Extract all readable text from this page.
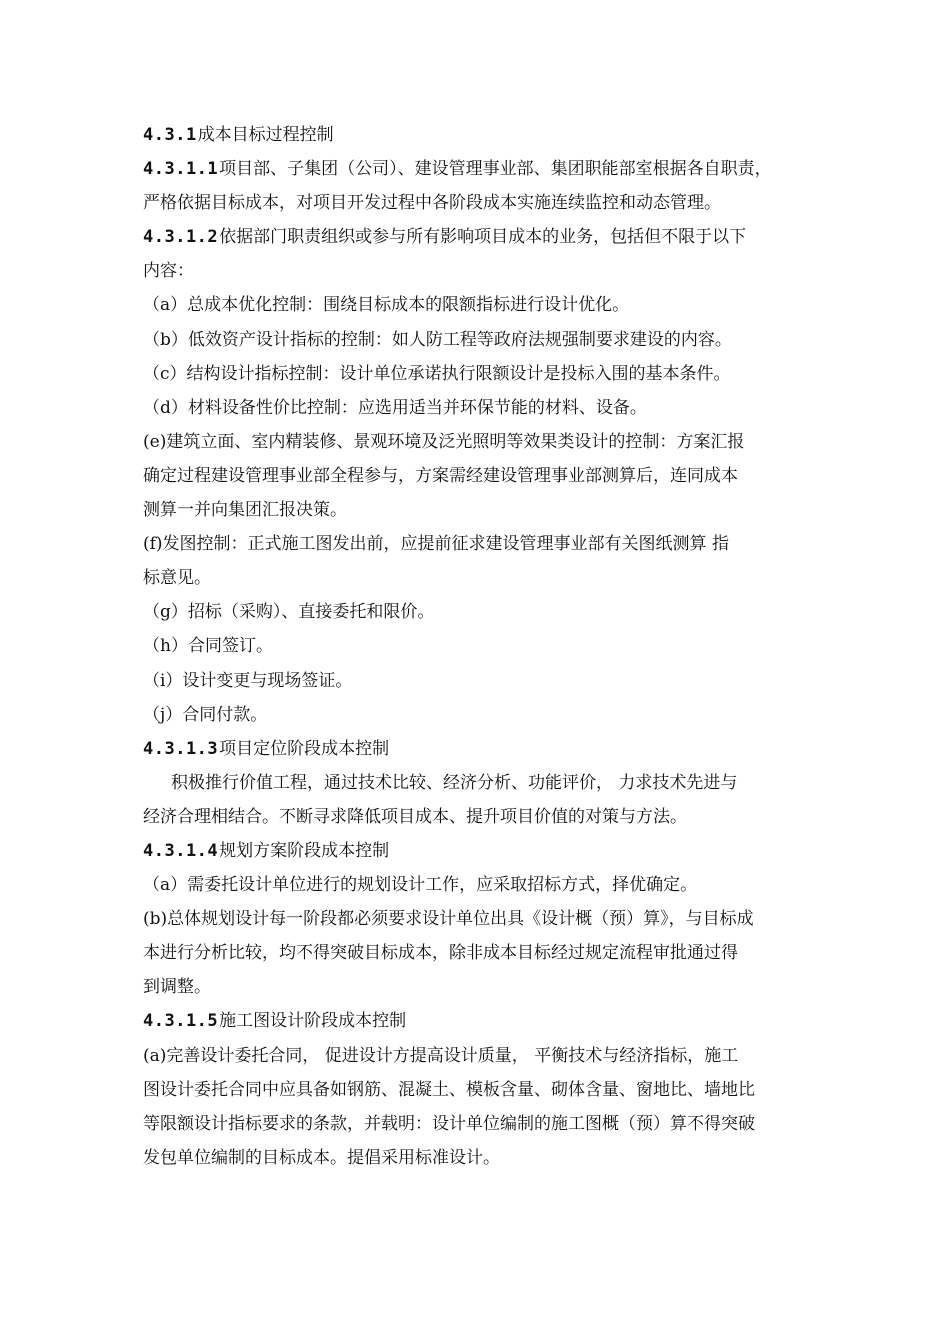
4.3.1成本目标过程控制
4.3.1.1项目部、子集团（公司）、建设管理事业部、集团职能部室根据各自职责，
严格依据目标成本，对项目开发过程中各阶段成本实施连续监控和动态管理。
4.3.1.2依据部门职责组织或参与所有影响项目成本的业务，包括但不限于以下
内容：
（a）总成本优化控制：围绕目标成本的限额指标进行设计优化。
（b）低效资产设计指标的控制：如人防工程等政府法规强制要求建设的内容。
（c）结构设计指标控制：设计单位承诺执行限额设计是投标入围的基本条件。
（d）材料设备性价比控制：应选用适当并环保节能的材料、设备。
(e)建筑立面、室内精装修、景观环境及泛光照明等效果类设计的控制：方案汇报
确定过程建设管理事业部全程参与，方案需经建设管理事业部测算后，连同成本
测算一并向集团汇报决策。
(f)发图控制：正式施工图发出前，应提前征求建设管理事业部有关图纸测算 指
标意见。
（g）招标（采购）、直接委托和限价。
（h）合同签订。
（i）设计变更与现场签证。
（j）合同付款。
4.3.1.3项目定位阶段成本控制
积极推行价值工程，通过技术比较、经济分析、功能评价， 力求技术先进与
经济合理相结合。不断寻求降低项目成本、提升项目价值的对策与方法。
4.3.1.4规划方案阶段成本控制
（a）需委托设计单位进行的规划设计工作，应采取招标方式，择优确定。
(b)总体规划设计每一阶段都必须要求设计单位出具《设计概（预）算》，与目标成
本进行分析比较，均不得突破目标成本，除非成本目标经过规定流程审批通过得
到调整。
4.3.1.5施工图设计阶段成本控制
(a)完善设计委托合同， 促进设计方提高设计质量， 平衡技术与经济指标，施工
图设计委托合同中应具备如钢筋、混凝土、模板含量、砌体含量、窗地比、墙地比
等限额设计指标要求的条款，并载明：设计单位编制的施工图概（预）算不得突破
发包单位编制的目标成本。提倡采用标准设计。
